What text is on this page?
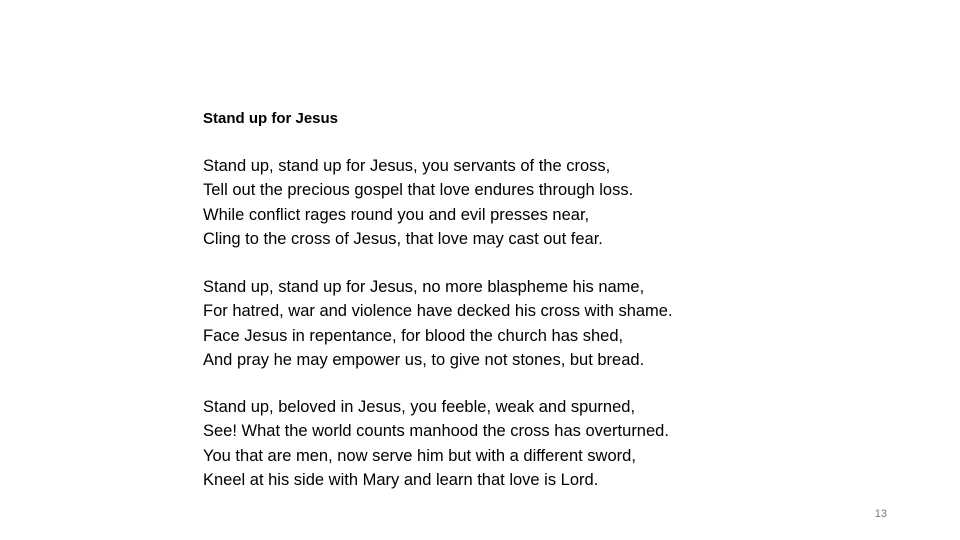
Stand up for Jesus
Stand up, stand up for Jesus, you servants of the cross,
Tell out the precious gospel that love endures through loss.
While conflict rages round you and evil presses near,
Cling to the cross of Jesus, that love may cast out fear.
Stand up, stand up for Jesus, no more blaspheme his name,
For hatred, war and violence have decked his cross with shame.
Face Jesus in repentance, for blood the church has shed,
And pray he may empower us, to give not stones, but bread.
Stand up, beloved in Jesus, you feeble, weak and spurned,
See! What the world counts manhood the cross has overturned.
You that are men, now serve him but with a different sword,
Kneel at his side with Mary and learn that love is Lord.
13
